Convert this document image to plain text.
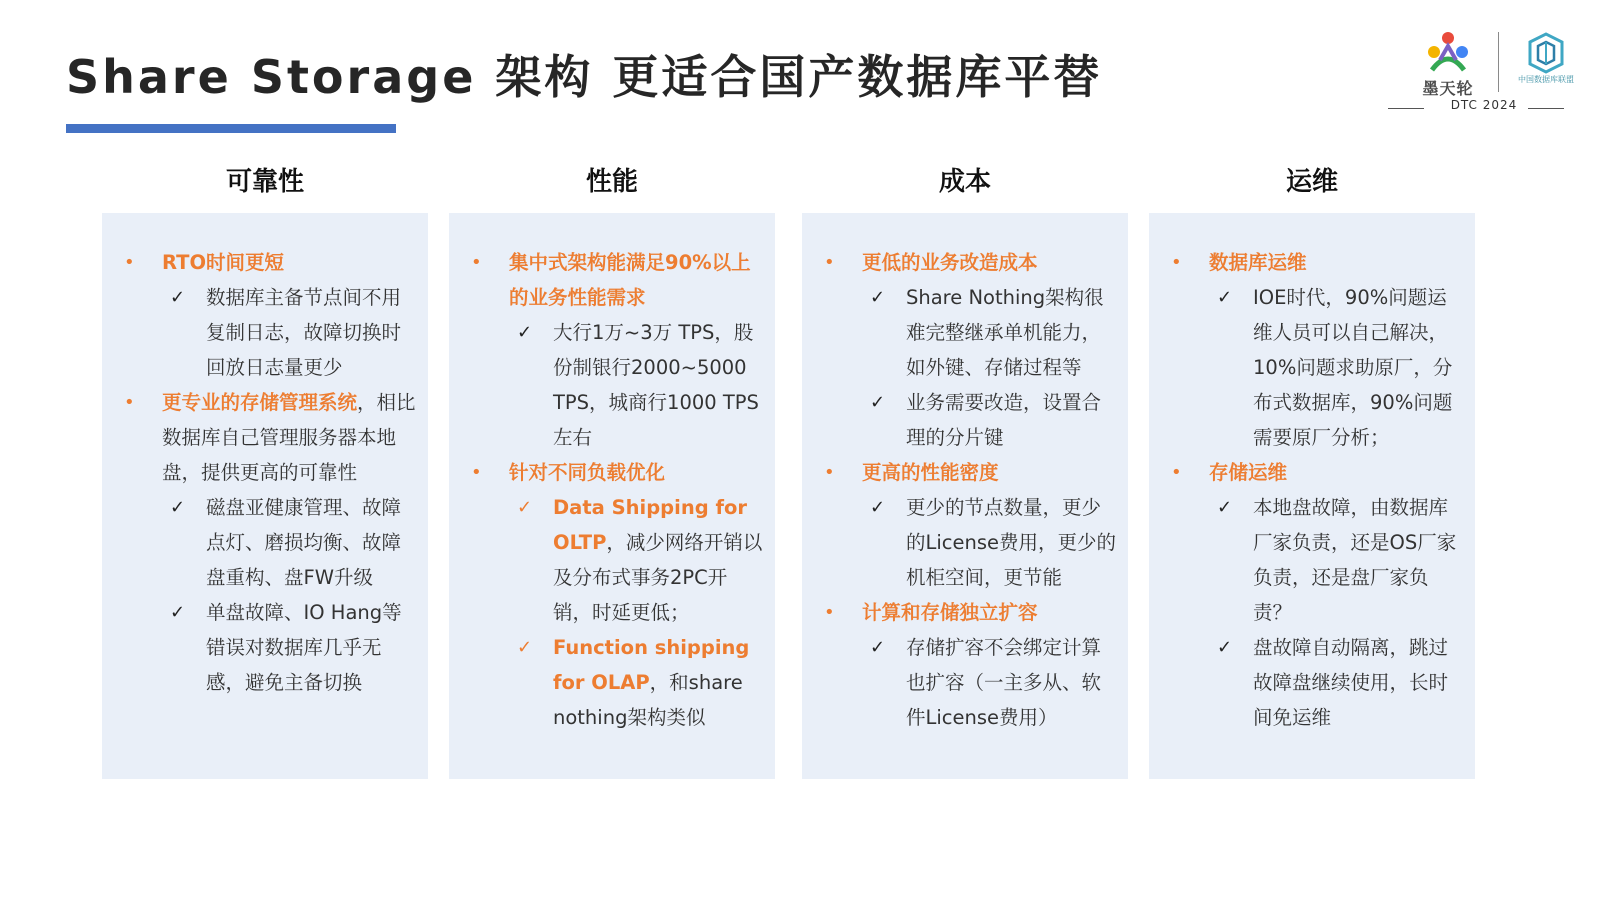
Share Storage 架构 更适合国产数据库平替	墨天轮	中国数据库联盟
DTC 2024
可靠性
• RTO时间更短
✓ 数据库主备节点间不用复制日志，故障切换时回放日志量更少
• 更专业的存储管理系统，相比数据库自己管理服务器本地盘，提供更高的可靠性
✓ 磁盘亚健康管理、故障点灯、磨损均衡、故障盘重构、盘FW升级
✓ 单盘故障、IO Hang等错误对数据库几乎无感，避免主备切换
性能
• 集中式架构能满足90%以上的业务性能需求
✓ 大行1万~3万 TPS，股份制银行2000~5000 TPS，城商行1000 TPS左右
• 针对不同负载优化
✓ Data Shipping for OLTP，减少网络开销以及分布式事务2PC开销，时延更低；
✓ Function shipping for OLAP，和share nothing架构类似
成本
• 更低的业务改造成本
✓ Share Nothing架构很难完整继承单机能力，如外键、存储过程等
✓ 业务需要改造，设置合理的分片键
• 更高的性能密度
✓ 更少的节点数量，更少的License费用，更少的机柜空间，更节能
• 计算和存储独立扩容
✓ 存储扩容不会绑定计算也扩容（一主多从、软件License费用）
运维
• 数据库运维
✓ IOE时代，90%问题运维人员可以自己解决，10%问题求助原厂，分布式数据库，90%问题需要原厂分析；
• 存储运维
✓ 本地盘故障，由数据库厂家负责，还是OS厂家负责，还是盘厂家负责？
✓ 盘故障自动隔离，跳过故障盘继续使用，长时间免运维
